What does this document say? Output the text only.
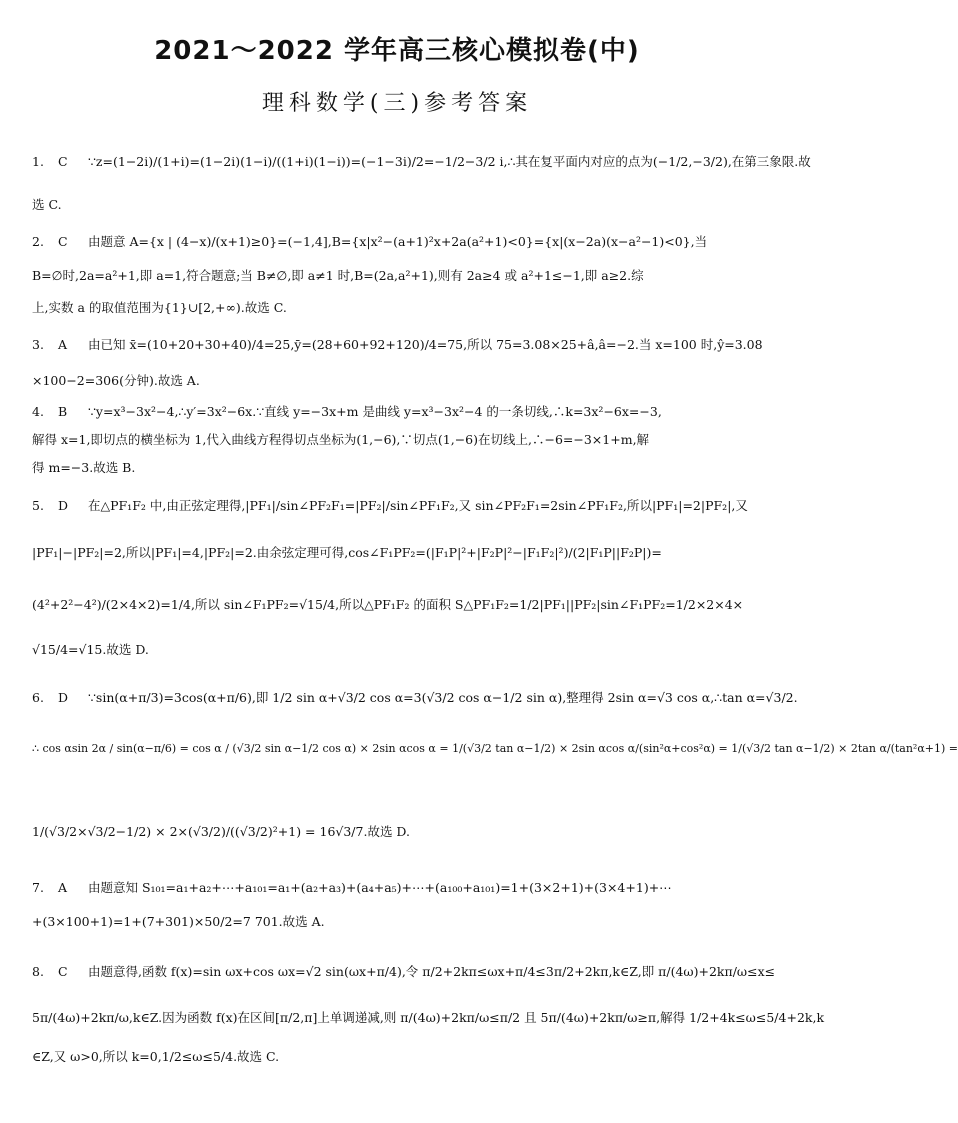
2021～2022 学年高三核心模拟卷(中)
理科数学(三)参考答案
1. C ∵z=(1−2i)/(1+i)=(1−2i)(1−i)/((1+i)(1−i))=(−1−3i)/2=−1/2−3/2 i,∴其在复平面内对应的点为(−1/2,−3/2),在第三象限.故
选 C.
2. C 由题意 A={x | (4−x)/(x+1)≥0}=(−1,4],B={x|x²−(a+1)²x+2a(a²+1)<0}={x|(x−2a)(x−a²−1)<0},当
B=∅时,2a=a²+1,即 a=1,符合题意;当 B≠∅,即 a≠1 时,B=(2a,a²+1),则有 2a≥4 或 a²+1≤−1,即 a≥2.综
上,实数 a 的取值范围为{1}∪[2,+∞).故选 C.
3. A 由已知 x̄=(10+20+30+40)/4=25,ȳ=(28+60+92+120)/4=75,所以 75=3.08×25+â,â=−2.当 x=100 时,ŷ=3.08
×100−2=306(分钟).故选 A.
4. B ∵y=x³−3x²−4,∴y′=3x²−6x.∵直线 y=−3x+m 是曲线 y=x³−3x²−4 的一条切线,∴k=3x²−6x=−3,
解得 x=1,即切点的横坐标为 1,代入曲线方程得切点坐标为(1,−6),∵切点(1,−6)在切线上,∴−6=−3×1+m,解
得 m=−3.故选 B.
5. D 在△PF₁F₂ 中,由正弦定理得,|PF₁|/sin∠PF₂F₁=|PF₂|/sin∠PF₁F₂,又 sin∠PF₂F₁=2sin∠PF₁F₂,所以|PF₁|=2|PF₂|,又
|PF₁|−|PF₂|=2,所以|PF₁|=4,|PF₂|=2.由余弦定理可得,cos∠F₁PF₂=(|F₁P|²+|F₂P|²−|F₁F₂|²)/(2|F₁P||F₂P|)=
(4²+2²−4²)/(2×4×2)=1/4,所以 sin∠F₁PF₂=√15/4,所以△PF₁F₂ 的面积 S△PF₁F₂=1/2|PF₁||PF₂|sin∠F₁PF₂=1/2×2×4×
√15/4=√15.故选 D.
6. D ∵sin(α+π/3)=3cos(α+π/6),即 1/2 sin α+√3/2 cos α=3(√3/2 cos α−1/2 sin α),整理得 2sin α=√3 cos α,∴tan α=√3/2.
∴ cos αsin 2α / sin(α−π/6) = cos α / (√3/2 sin α−1/2 cos α) × 2sin αcos α = 1/(√3/2 tan α−1/2) × 2sin αcos α/(sin²α+cos²α) = 1/(√3/2 tan α−1/2) × 2tan α/(tan²α+1) =
1/(√3/2×√3/2−1/2) × 2×(√3/2)/((√3/2)²+1) = 16√3/7.故选 D.
7. A 由题意知 S₁₀₁=a₁+a₂+⋯+a₁₀₁=a₁+(a₂+a₃)+(a₄+a₅)+⋯+(a₁₀₀+a₁₀₁)=1+(3×2+1)+(3×4+1)+⋯
+(3×100+1)=1+(7+301)×50/2=7 701.故选 A.
8. C 由题意得,函数 f(x)=sin ωx+cos ωx=√2 sin(ωx+π/4),令 π/2+2kπ≤ωx+π/4≤3π/2+2kπ,k∈Z,即 π/(4ω)+2kπ/ω≤x≤
5π/(4ω)+2kπ/ω,k∈Z.因为函数 f(x)在区间[π/2,π]上单调递减,则 π/(4ω)+2kπ/ω≤π/2 且 5π/(4ω)+2kπ/ω≥π,解得 1/2+4k≤ω≤5/4+2k,k
∈Z,又 ω>0,所以 k=0,1/2≤ω≤5/4.故选 C.
